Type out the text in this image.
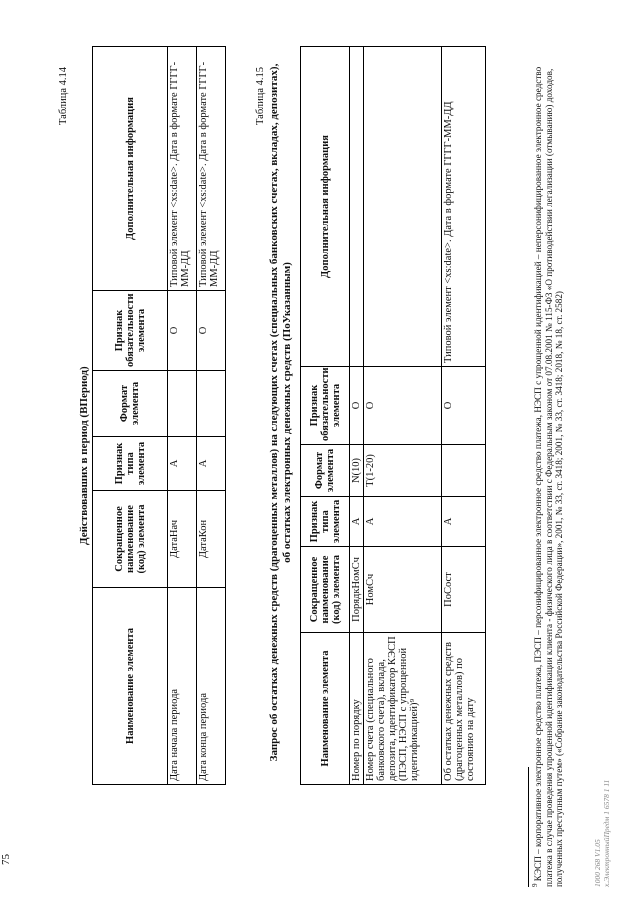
75
Таблица 4.14
Действовавших в период (ВПериод)
Наименование элемента	Сокращенное наименование (код) элемента	Признак типа элемента	Формат элемента	Признак обязательности элемента	Дополнительная информация
Дата начала периода	ДатаНач	А		О	Типовой элемент <xs:date>. Дата в формате ГГГГ-ММ-ДД
Дата конца периода	ДатаКон	А		О	Типовой элемент <xs:date>. Дата в формате ГГГГ-ММ-ДД
Таблица 4.15 Запрос об остатках денежных средств (драгоценных металлов) на следующих счетах (специальных банковских счетах, вкладах, депозитах), об остатках электронных денежных средств (ПоУказанным)
Наименование элемента	Сокращенное наименование (код) элемента	Признак типа элемента	Формат элемента	Признак обязательности элемента	Дополнительная информация
Номер по порядку	ПорядкНомСч	А	N(10)	О	
Номер счета (специального банковского счета), вклада, депозита, идентификатор КЭСП (ПЭСП, НЭСП с упрощенной идентификацией)⁹	НомСч	А	T(1-20)	О	
Об остатках денежных средств (драгоценных металлов) по состоянию на дату	ПоСост	А		О	Типовой элемент <xs:date>. Дата в формате ГГГГ-ММ-ДД
$^9$ КЭСП – корпоративное электронное средство платежа, ПЭСП – персонифицированное электронное средство платежа, НЭСП с упрощенной идентификацией – неперсонифицированное электронное средство платежа в случае проведения упрощенной идентификации клиента - физического лица в соответствии с Федеральным законом от 07.08.2001 № 115-ФЗ «О противодействии легализации (отмыванию) доходов, полученных преступным путем» («Собрание законодательства Российской Федерации», 2001, № 33, ст. 3418; 2001, № 33, ст. 3418; 2018, № 18, ст. 2582)	1000 268 V1.05 х.ЭлектронныйПредм 1 6578 1 11
